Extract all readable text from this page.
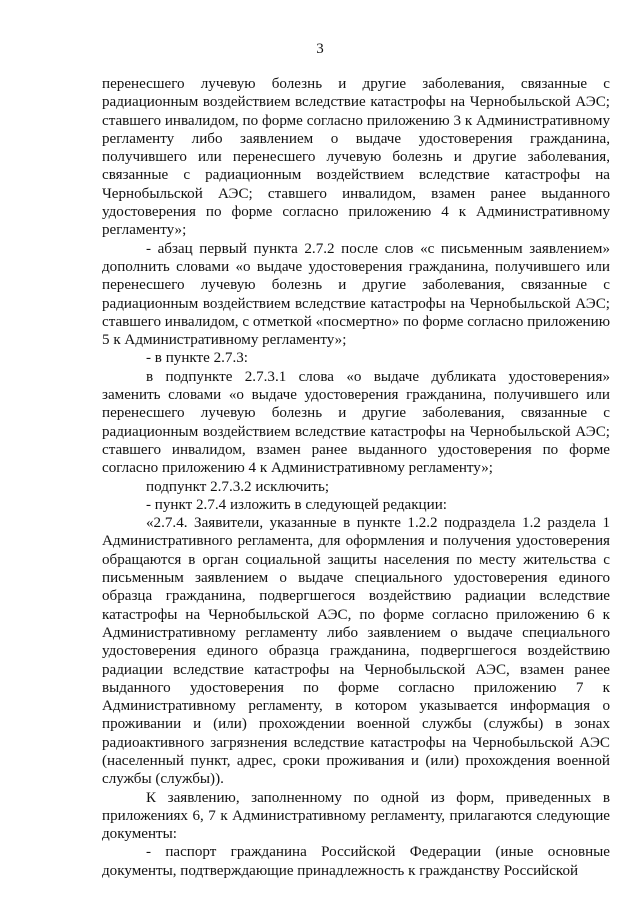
3

перенесшего лучевую болезнь и другие заболевания, связанные с радиационным воздействием вследствие катастрофы на Чернобыльской АЭС; ставшего инвалидом, по форме согласно приложению 3 к Административному регламенту либо заявлением о выдаче удостоверения гражданина, получившего или перенесшего лучевую болезнь и другие заболевания, связанные с радиационным воздействием вследствие катастрофы на Чернобыльской АЭС; ставшего инвалидом, взамен ранее выданного удостоверения по форме согласно приложению 4 к Административному регламенту»;

- абзац первый пункта 2.7.2 после слов «с письменным заявлением» дополнить словами «о выдаче удостоверения гражданина, получившего или перенесшего лучевую болезнь и другие заболевания, связанные с радиационным воздействием вследствие катастрофы на Чернобыльской АЭС; ставшего инвалидом, с отметкой «посмертно» по форме согласно приложению 5 к Административному регламенту»;

- в пункте 2.7.3:

в подпункте 2.7.3.1 слова «о выдаче дубликата удостоверения» заменить словами «о выдаче удостоверения гражданина, получившего или перенесшего лучевую болезнь и другие заболевания, связанные с радиационным воздействием вследствие катастрофы на Чернобыльской АЭС; ставшего инвалидом, взамен ранее выданного удостоверения по форме согласно приложению 4 к Административному регламенту»;

подпункт 2.7.3.2 исключить;

- пункт 2.7.4 изложить в следующей редакции:

«2.7.4. Заявители, указанные в пункте 1.2.2 подраздела 1.2 раздела 1 Административного регламента, для оформления и получения удостоверения обращаются в орган социальной защиты населения по месту жительства с письменным заявлением о выдаче специального удостоверения единого образца гражданина, подвергшегося воздействию радиации вследствие катастрофы на Чернобыльской АЭС, по форме согласно приложению 6 к Административному регламенту либо заявлением о выдаче специального удостоверения единого образца гражданина, подвергшегося воздействию радиации вследствие катастрофы на Чернобыльской АЭС, взамен ранее выданного удостоверения по форме согласно приложению 7 к Административному регламенту, в котором указывается информация о проживании и (или) прохождении военной службы (службы) в зонах радиоактивного загрязнения вследствие катастрофы на Чернобыльской АЭС (населенный пункт, адрес, сроки проживания и (или) прохождения военной службы (службы)).

К заявлению, заполненному по одной из форм, приведенных в приложениях 6, 7 к Административному регламенту, прилагаются следующие документы:

- паспорт гражданина Российской Федерации (иные основные документы, подтверждающие принадлежность к гражданству Российской
